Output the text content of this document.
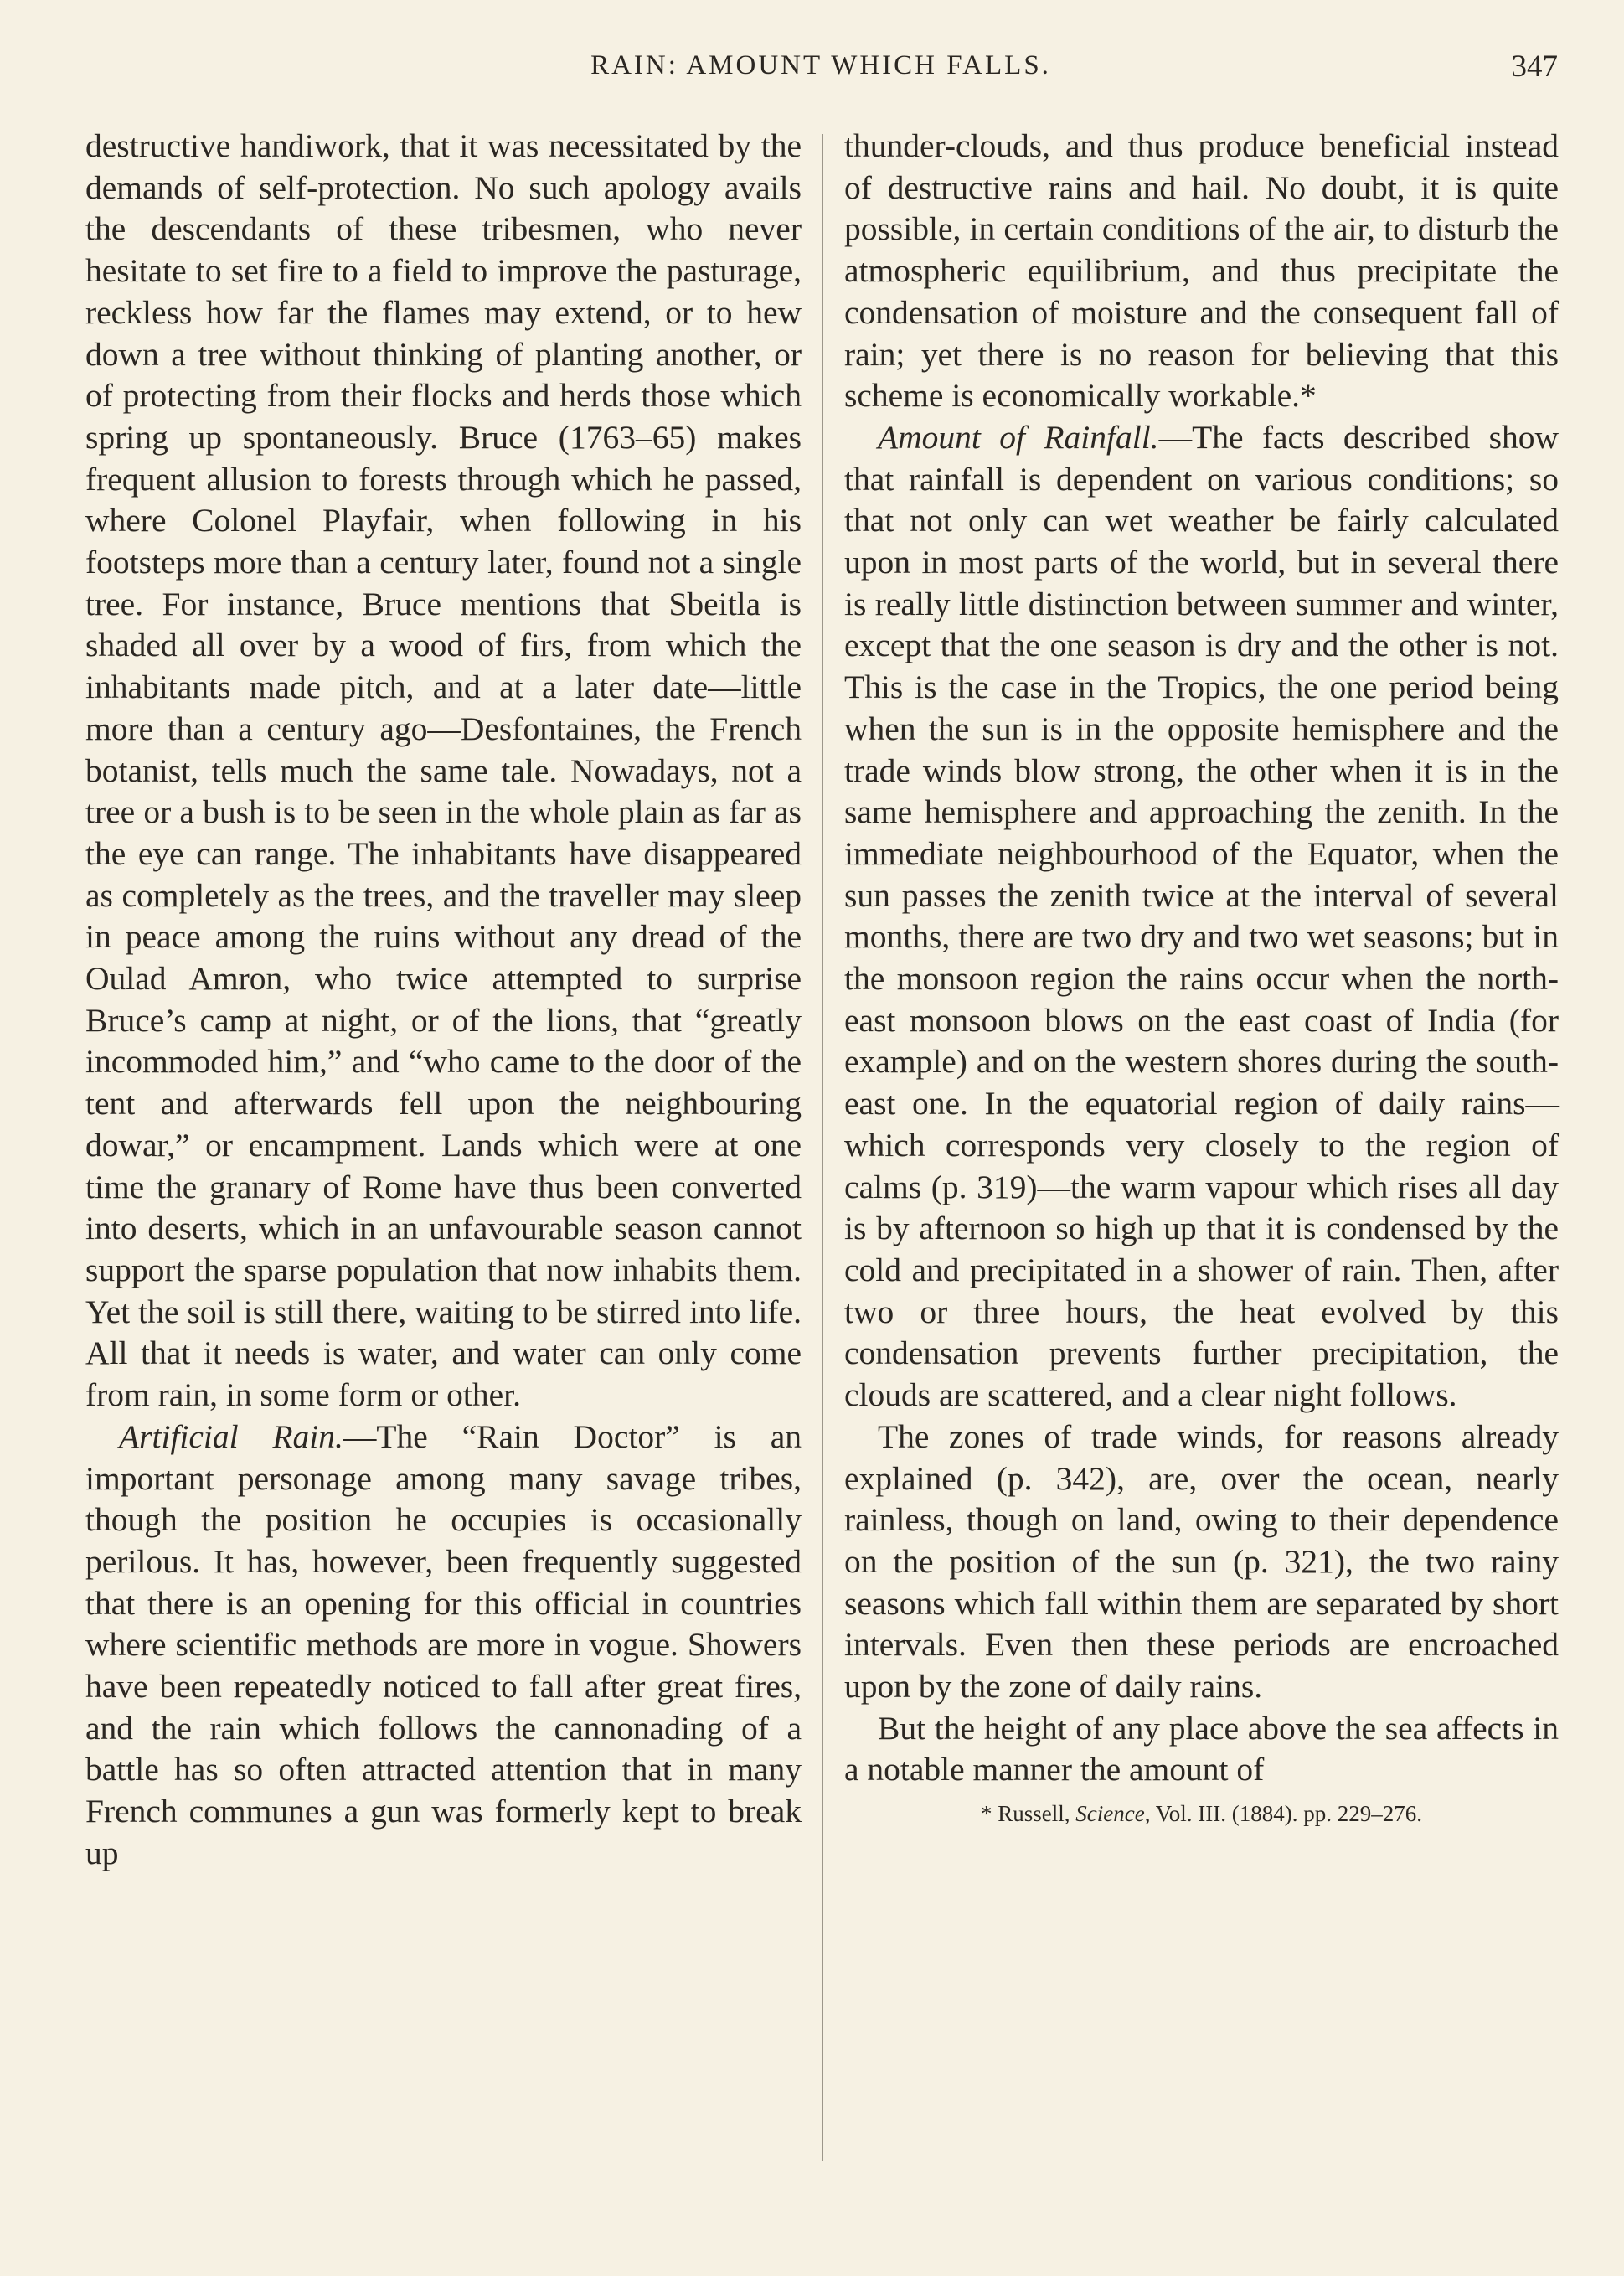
RAIN: AMOUNT WHICH FALLS.	347

destructive handiwork, that it was necessitated by the demands of self-protection. No such apology avails the descendants of these tribesmen, who never hesitate to set fire to a field to improve the pasturage, reckless how far the flames may extend, or to hew down a tree without thinking of planting another, or of protecting from their flocks and herds those which spring up spontaneously. Bruce (1763–65) makes frequent allusion to forests through which he passed, where Colonel Playfair, when following in his footsteps more than a century later, found not a single tree. For instance, Bruce mentions that Sbeitla is shaded all over by a wood of firs, from which the inhabitants made pitch, and at a later date—little more than a century ago—Desfontaines, the French botanist, tells much the same tale. Nowadays, not a tree or a bush is to be seen in the whole plain as far as the eye can range. The inhabitants have disappeared as completely as the trees, and the traveller may sleep in peace among the ruins without any dread of the Oulad Amron, who twice attempted to surprise Bruce’s camp at night, or of the lions, that “greatly incommoded him,” and “who came to the door of the tent and afterwards fell upon the neighbouring dowar,” or encampment. Lands which were at one time the granary of Rome have thus been converted into deserts, which in an unfavourable season cannot support the sparse population that now inhabits them. Yet the soil is still there, waiting to be stirred into life. All that it needs is water, and water can only come from rain, in some form or other.

Artificial Rain.—The “Rain Doctor” is an important personage among many savage tribes, though the position he occupies is occasionally perilous. It has, however, been frequently suggested that there is an opening for this official in countries where scientific methods are more in vogue. Showers have been repeatedly noticed to fall after great fires, and the rain which follows the cannonading of a battle has so often attracted attention that in many French communes a gun was formerly kept to break up

thunder-clouds, and thus produce beneficial instead of destructive rains and hail. No doubt, it is quite possible, in certain conditions of the air, to disturb the atmospheric equilibrium, and thus precipitate the condensation of moisture and the consequent fall of rain; yet there is no reason for believing that this scheme is economically workable.*

Amount of Rainfall.—The facts described show that rainfall is dependent on various conditions; so that not only can wet weather be fairly calculated upon in most parts of the world, but in several there is really little distinction between summer and winter, except that the one season is dry and the other is not. This is the case in the Tropics, the one period being when the sun is in the opposite hemisphere and the trade winds blow strong, the other when it is in the same hemisphere and approaching the zenith. In the immediate neighbourhood of the Equator, when the sun passes the zenith twice at the interval of several months, there are two dry and two wet seasons; but in the monsoon region the rains occur when the north-east monsoon blows on the east coast of India (for example) and on the western shores during the south-east one. In the equatorial region of daily rains—which corresponds very closely to the region of calms (p. 319)—the warm vapour which rises all day is by afternoon so high up that it is condensed by the cold and precipitated in a shower of rain. Then, after two or three hours, the heat evolved by this condensation prevents further precipitation, the clouds are scattered, and a clear night follows.

The zones of trade winds, for reasons already explained (p. 342), are, over the ocean, nearly rainless, though on land, owing to their dependence on the position of the sun (p. 321), the two rainy seasons which fall within them are separated by short intervals. Even then these periods are encroached upon by the zone of daily rains.

But the height of any place above the sea affects in a notable manner the amount of

* Russell, Science, Vol. III. (1884). pp. 229–276.
